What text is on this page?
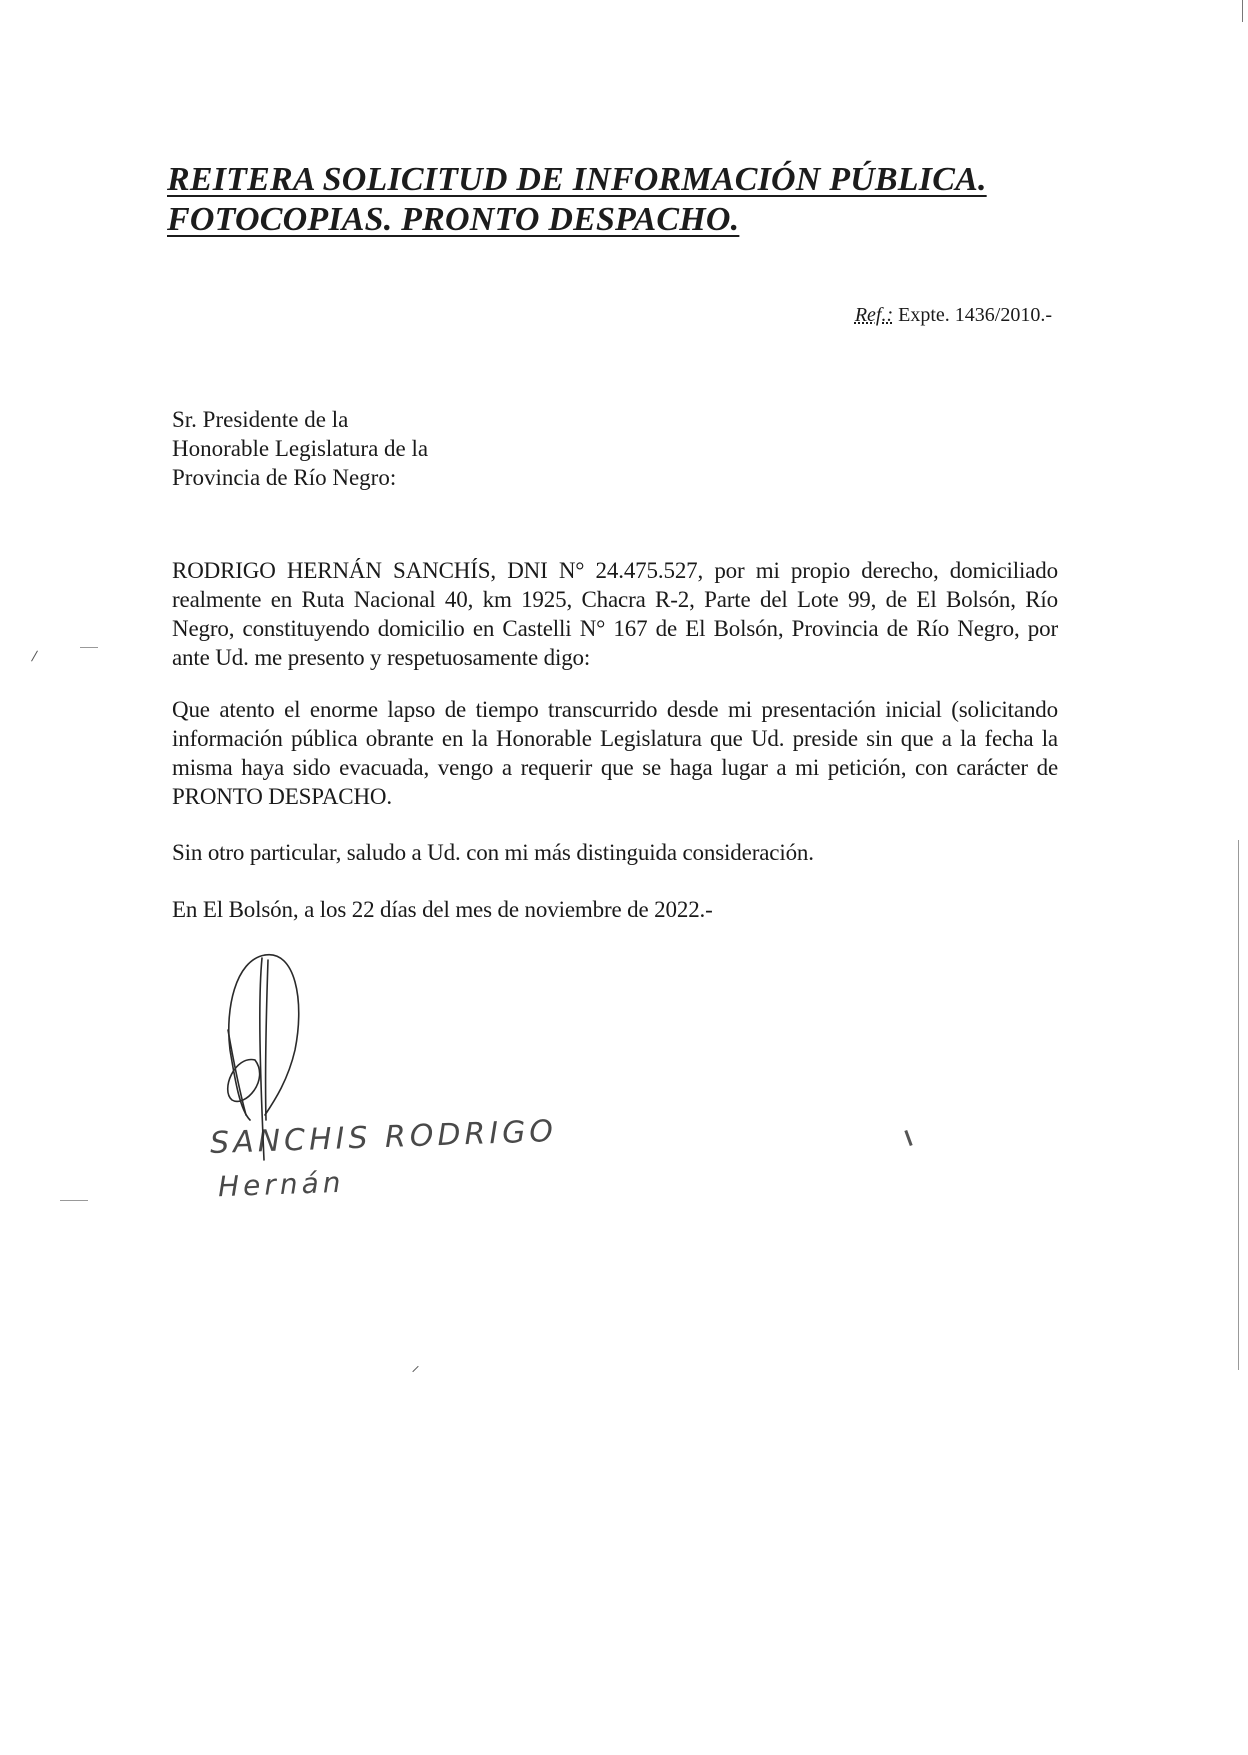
REITERA SOLICITUD DE INFORMACIÓN PÚBLICA.
FOTOCOPIAS. PRONTO DESPACHO.
Ref.: Expte. 1436/2010.-
Sr. Presidente de la
Honorable Legislatura de la
Provincia de Río Negro:
RODRIGO HERNÁN SANCHÍS, DNI N° 24.475.527, por mi propio derecho, domiciliado realmente en Ruta Nacional 40, km 1925, Chacra R-2, Parte del Lote 99, de El Bolsón, Río Negro, constituyendo domicilio en Castelli N° 167 de El Bolsón, Provincia de Río Negro, por ante Ud. me presento y respetuosamente digo:
Que atento el enorme lapso de tiempo transcurrido desde mi presentación inicial (solicitando información pública obrante en la Honorable Legislatura que Ud. preside sin que a la fecha la misma haya sido evacuada, vengo a requerir que se haga lugar a mi petición, con carácter de PRONTO DESPACHO.
Sin otro particular, saludo a Ud. con mi más distinguida consideración.
En El Bolsón, a los 22 días del mes de noviembre de 2022.-
SANCHIS RODRIGO
Hernán
